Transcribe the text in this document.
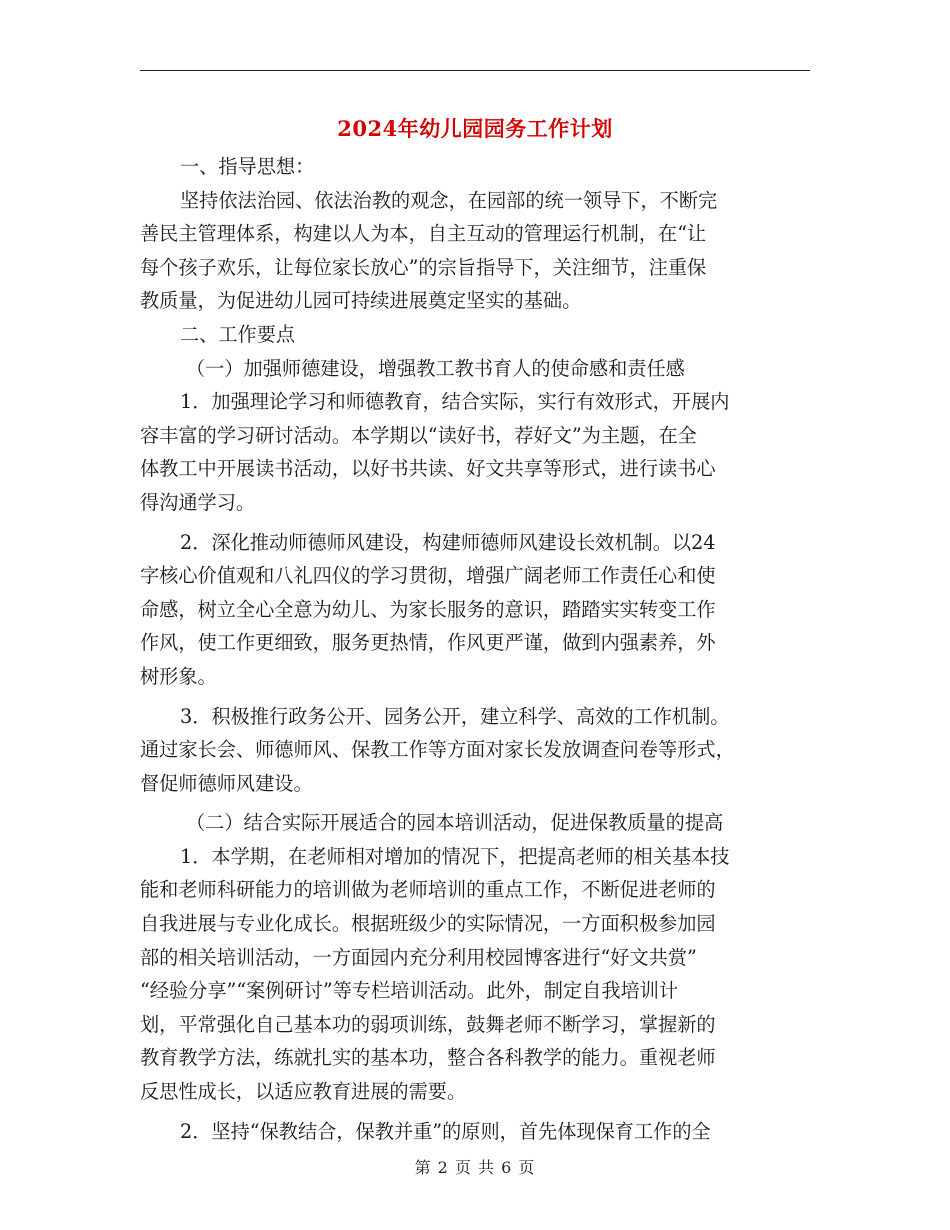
2024年幼儿园园务工作计划
一、指导思想：
坚持依法治园、依法治教的观念，在园部的统一领导下，不断完
善民主管理体系，构建以人为本，自主互动的管理运行机制，在“让
每个孩子欢乐，让每位家长放心”的宗旨指导下，关注细节，注重保
教质量，为促进幼儿园可持续进展奠定坚实的基础。
二、工作要点
（一）加强师德建设，增强教工教书育人的使命感和责任感
1．加强理论学习和师德教育，结合实际，实行有效形式，开展内
容丰富的学习研讨活动。本学期以“读好书，荐好文”为主题，在全
体教工中开展读书活动，以好书共读、好文共享等形式，进行读书心
得沟通学习。
2．深化推动师德师风建设，构建师德师风建设长效机制。以24
字核心价值观和八礼四仪的学习贯彻，增强广阔老师工作责任心和使
命感，树立全心全意为幼儿、为家长服务的意识，踏踏实实转变工作
作风，使工作更细致，服务更热情，作风更严谨，做到内强素养，外
树形象。
3．积极推行政务公开、园务公开，建立科学、高效的工作机制。
通过家长会、师德师风、保教工作等方面对家长发放调查问卷等形式，
督促师德师风建设。
（二）结合实际开展适合的园本培训活动，促进保教质量的提高
1．本学期，在老师相对增加的情况下，把提高老师的相关基本技
能和老师科研能力的培训做为老师培训的重点工作，不断促进老师的
自我进展与专业化成长。根据班级少的实际情况，一方面积极参加园
部的相关培训活动，一方面园内充分利用校园博客进行“好文共赏”
“经验分享”“案例研讨”等专栏培训活动。此外，制定自我培训计
划，平常强化自己基本功的弱项训练，鼓舞老师不断学习，掌握新的
教育教学方法，练就扎实的基本功，整合各科教学的能力。重视老师
反思性成长，以适应教育进展的需要。
2．坚持“保教结合，保教并重”的原则，首先体现保育工作的全
第 2 页 共 6 页
